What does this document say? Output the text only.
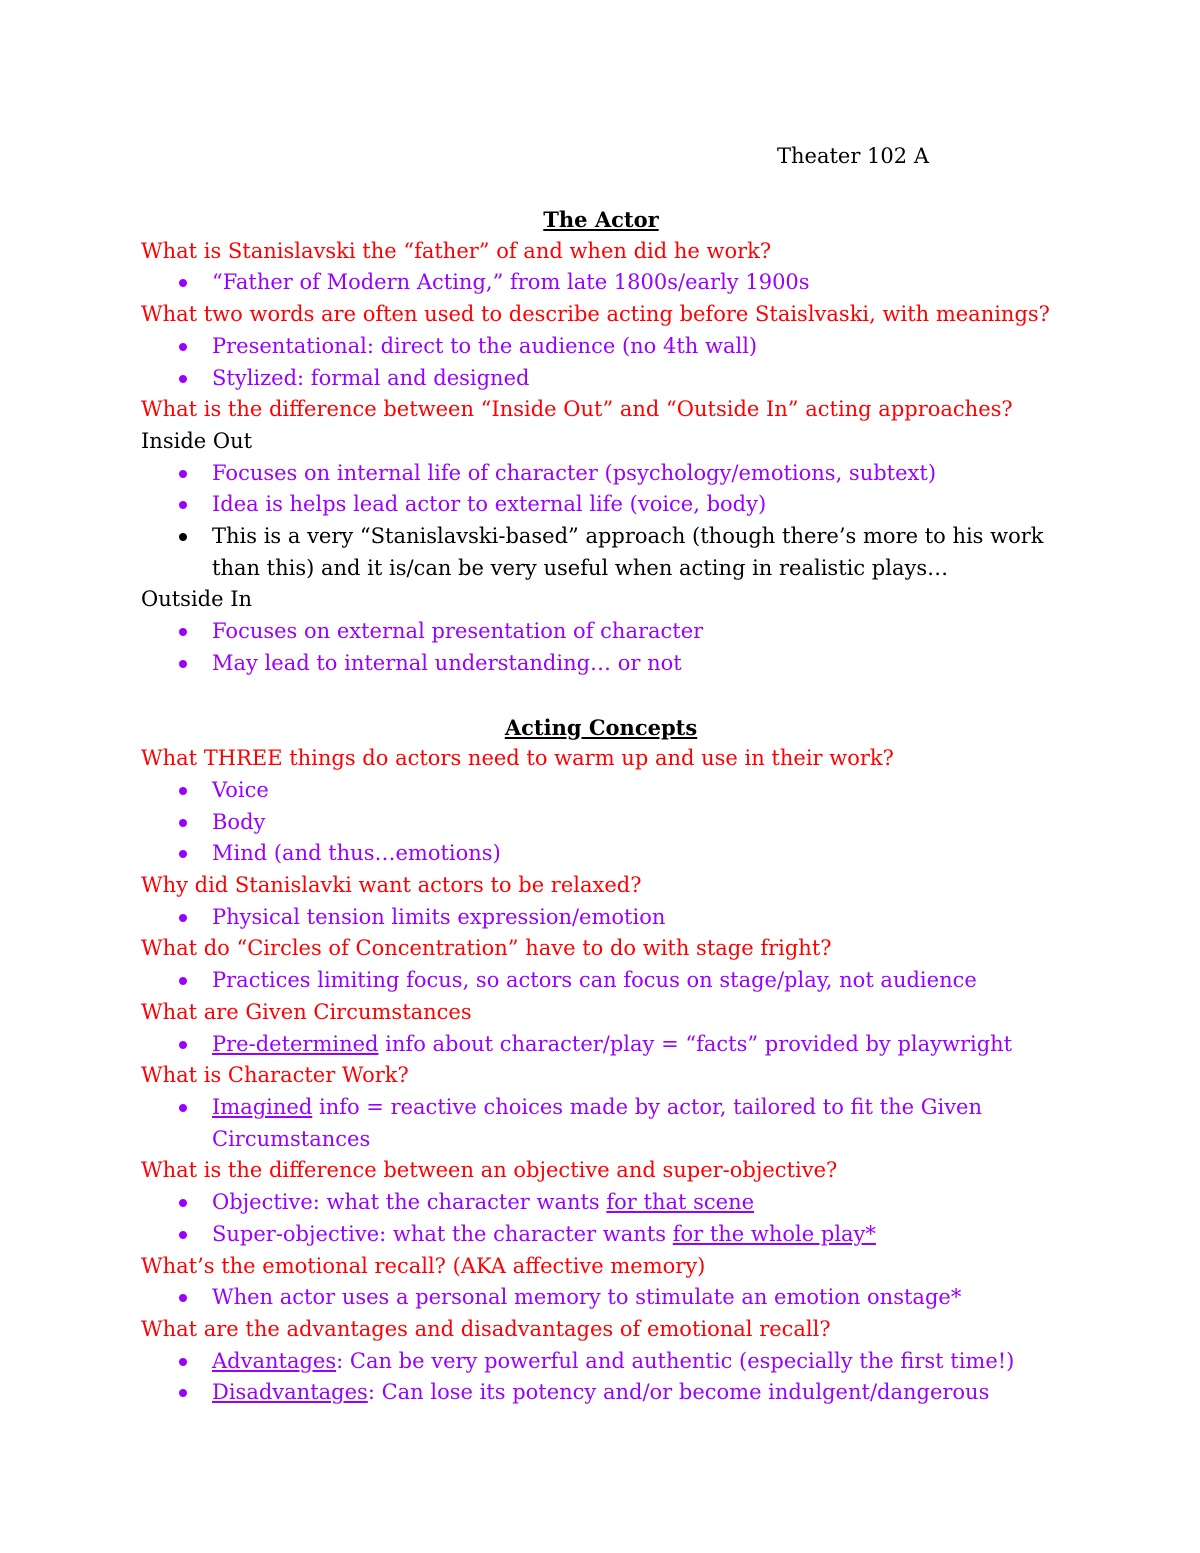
Theater 102 A
The Actor
What is Stanislavski the “father” of and when did he work?
“Father of Modern Acting,” from late 1800s/early 1900s
What two words are often used to describe acting before Staislvaski, with meanings?
Presentational: direct to the audience (no 4th wall)
Stylized: formal and designed
What is the difference between “Inside Out” and “Outside In” acting approaches?
Inside Out
Focuses on internal life of character (psychology/emotions, subtext)
Idea is helps lead actor to external life (voice, body)
This is a very “Stanislavski-based” approach (though there’s more to his work than this) and it is/can be very useful when acting in realistic plays…
Outside In
Focuses on external presentation of character
May lead to internal understanding… or not
Acting Concepts
What THREE things do actors need to warm up and use in their work?
Voice
Body
Mind (and thus…emotions)
Why did Stanislavki want actors to be relaxed?
Physical tension limits expression/emotion
What do “Circles of Concentration” have to do with stage fright?
Practices limiting focus, so actors can focus on stage/play, not audience
What are Given Circumstances
Pre-determined info about character/play = “facts” provided by playwright
What is Character Work?
Imagined info = reactive choices made by actor, tailored to fit the Given Circumstances
What is the difference between an objective and super-objective?
Objective: what the character wants for that scene
Super-objective: what the character wants for the whole play*
What’s the emotional recall? (AKA affective memory)
When actor uses a personal memory to stimulate an emotion onstage*
What are the advantages and disadvantages of emotional recall?
Advantages: Can be very powerful and authentic (especially the first time!)
Disadvantages: Can lose its potency and/or become indulgent/dangerous
